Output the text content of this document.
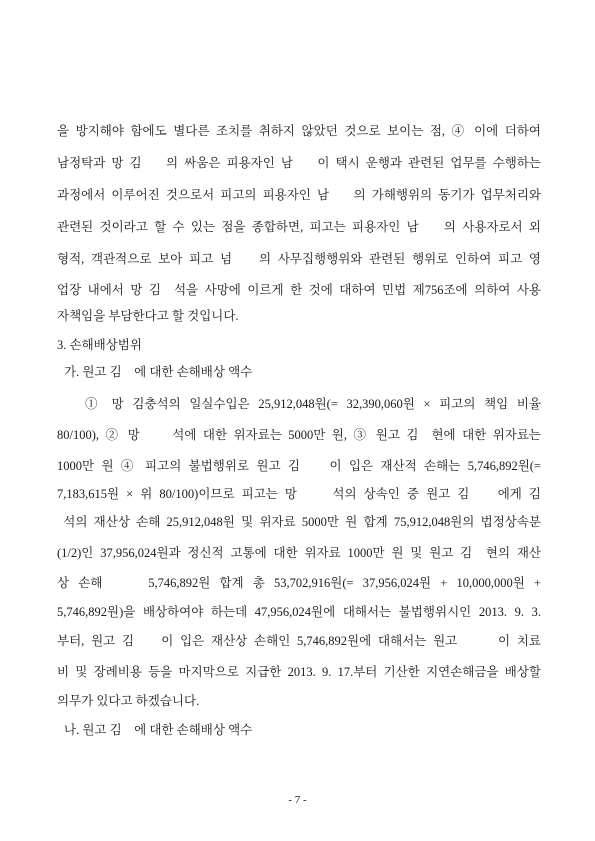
을 방지해야 함에도 별다른 조치를 취하지 않았던 것으로 보이는 점, ④ 이에 더하여
남정탁과 망 김    의 싸움은 피용자인 남    이 택시 운행과 관련된 업무를 수행하는
과정에서 이루어진 것으로서 피고의 피용자인 남    의 가해행위의 동기가 업무처리와
관련된 것이라고 할 수 있는 점을 종합하면, 피고는 피용자인 남    의 사용자로서 외
형적, 객관적으로 보아 피고 넘    의 사무집행행위와 관련된 행위로 인하여 피고 영
업장 내에서 망 김  석을 사망에 이르게 한 것에 대하여 민법 제756조에 의하여 사용
자책임을 부담한다고 할 것입니다.
3. 손해배상범위
가. 원고 김    에 대한 손해배상 액수
① 망 김충석의 일실수입은 25,912,048원(= 32,390,060원 × 피고의 책임 비율
80/100), ② 망     석에 대한 위자료는 5000만 원, ③ 원고 김  현에 대한 위자료는
1000만 원 ④ 피고의 불법행위로 원고 김    이 입은 재산적 손해는 5,746,892원(=
7,183,615원 × 위 80/100)이므로 피고는 망     석의 상속인 중 원고 김    에게 김
석의 재산상 손해 25,912,048원 및 위자료 5000만 원 합계 75,912,048원의 법정상속분
(1/2)인 37,956,024원과 정신적 고통에 대한 위자료 1000만 원 및 원고 김  현의 재산
상 손해     5,746,892원 합계 총 53,702,916원(= 37,956,024원 + 10,000,000원 +
5,746,892원)을 배상하여야 하는데 47,956,024원에 대해서는 불법행위시인 2013. 9. 3.
부터, 원고 김    이 입은 재산상 손해인 5,746,892원에 대해서는 원고      이 치료
비 및 장례비용 등을 마지막으로 지급한 2013. 9. 17.부터 기산한 지연손해금을 배상할
의무가 있다고 하겠습니다.
나. 원고 김    에 대한 손해배상 액수
- 7 -
